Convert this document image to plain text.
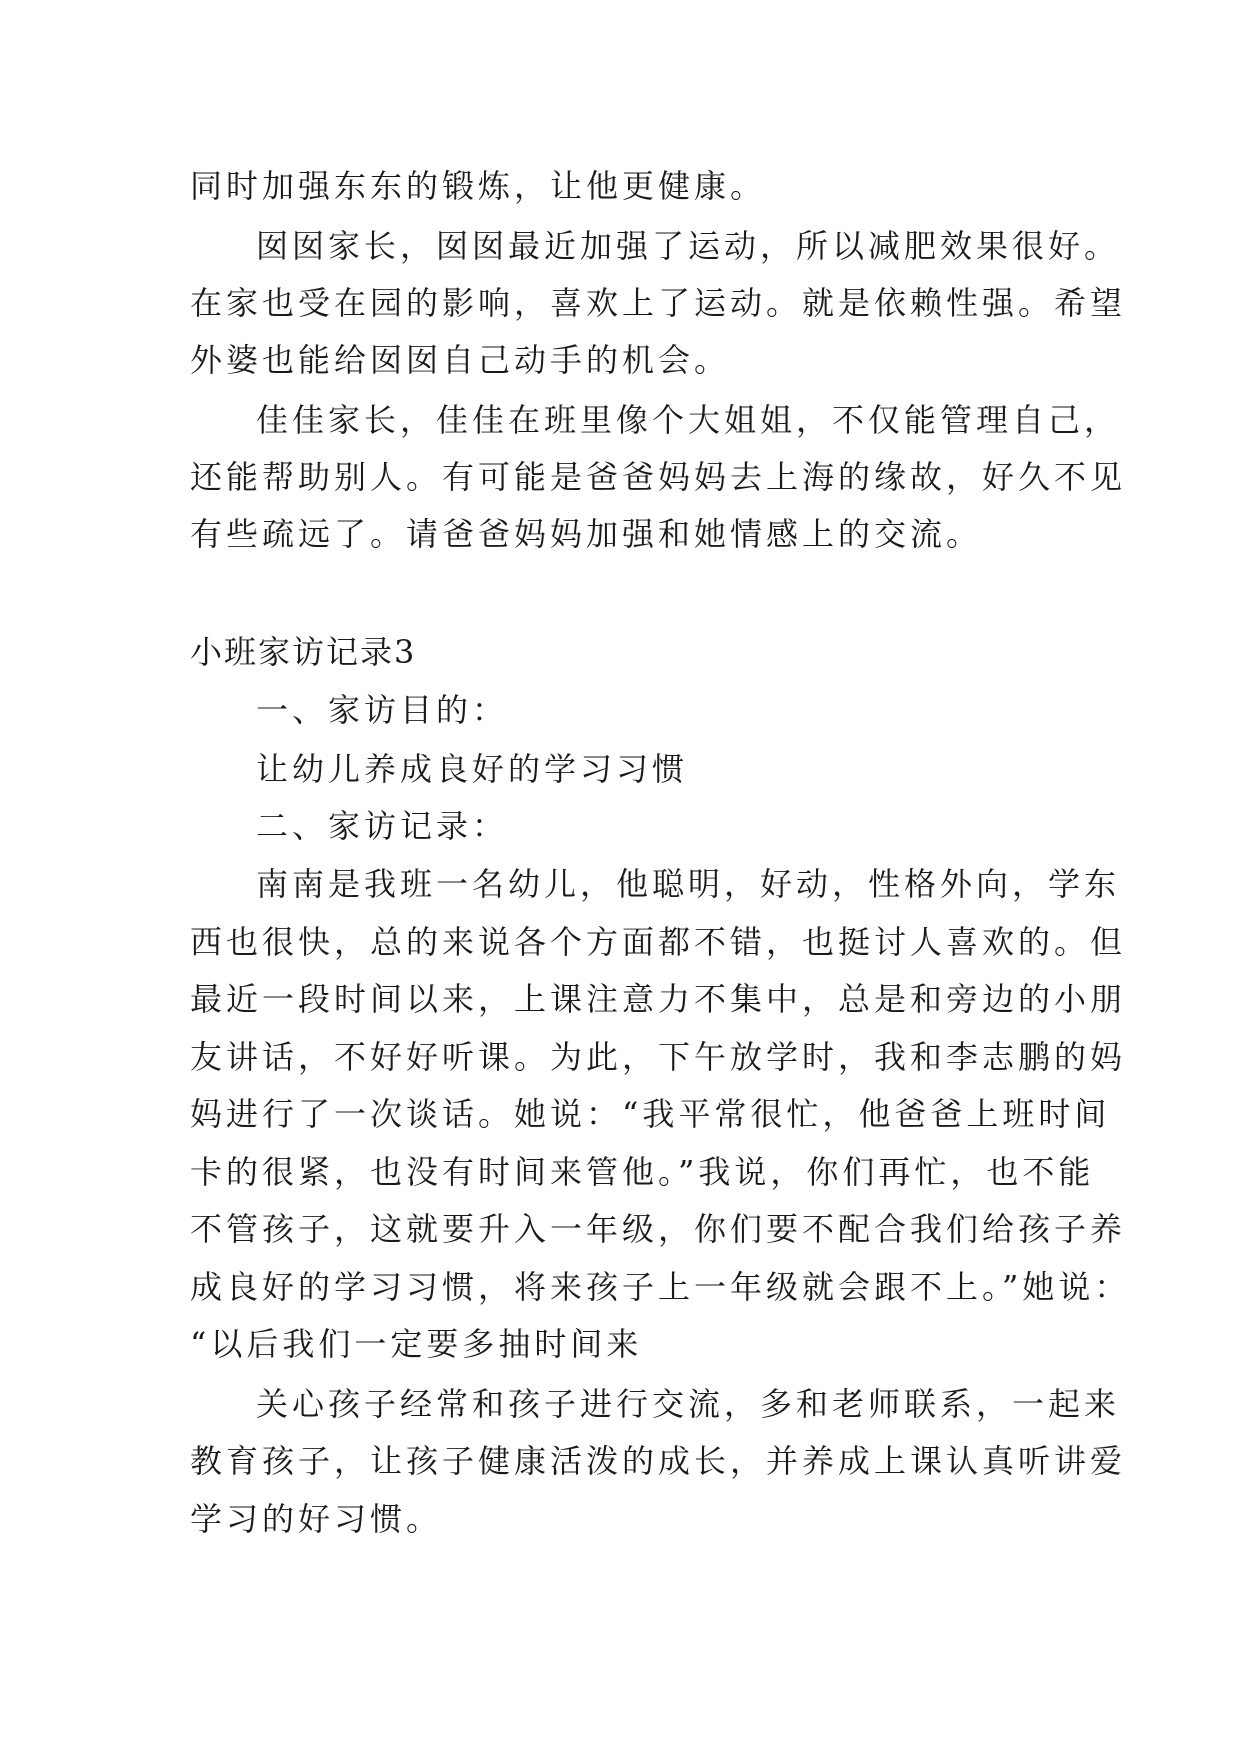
同时加强东东的锻炼，让他更健康。
囡囡家长，囡囡最近加强了运动，所以减肥效果很好。
在家也受在园的影响，喜欢上了运动。就是依赖性强。希望
外婆也能给囡囡自己动手的机会。
佳佳家长，佳佳在班里像个大姐姐，不仅能管理自己，
还能帮助别人。有可能是爸爸妈妈去上海的缘故，好久不见
有些疏远了。请爸爸妈妈加强和她情感上的交流。
小班家访记录3
一、家访目的：
让幼儿养成良好的学习习惯
二、家访记录：
南南是我班一名幼儿，他聪明，好动，性格外向，学东
西也很快，总的来说各个方面都不错，也挺讨人喜欢的。但
最近一段时间以来，上课注意力不集中，总是和旁边的小朋
友讲话，不好好听课。为此，下午放学时，我和李志鹏的妈
妈进行了一次谈话。她说：“我平常很忙，他爸爸上班时间
卡的很紧，也没有时间来管他。”我说，你们再忙，也不能
不管孩子，这就要升入一年级，你们要不配合我们给孩子养
成良好的学习习惯，将来孩子上一年级就会跟不上。”她说：
“以后我们一定要多抽时间来
关心孩子经常和孩子进行交流，多和老师联系，一起来
教育孩子，让孩子健康活泼的成长，并养成上课认真听讲爱
学习的好习惯。
